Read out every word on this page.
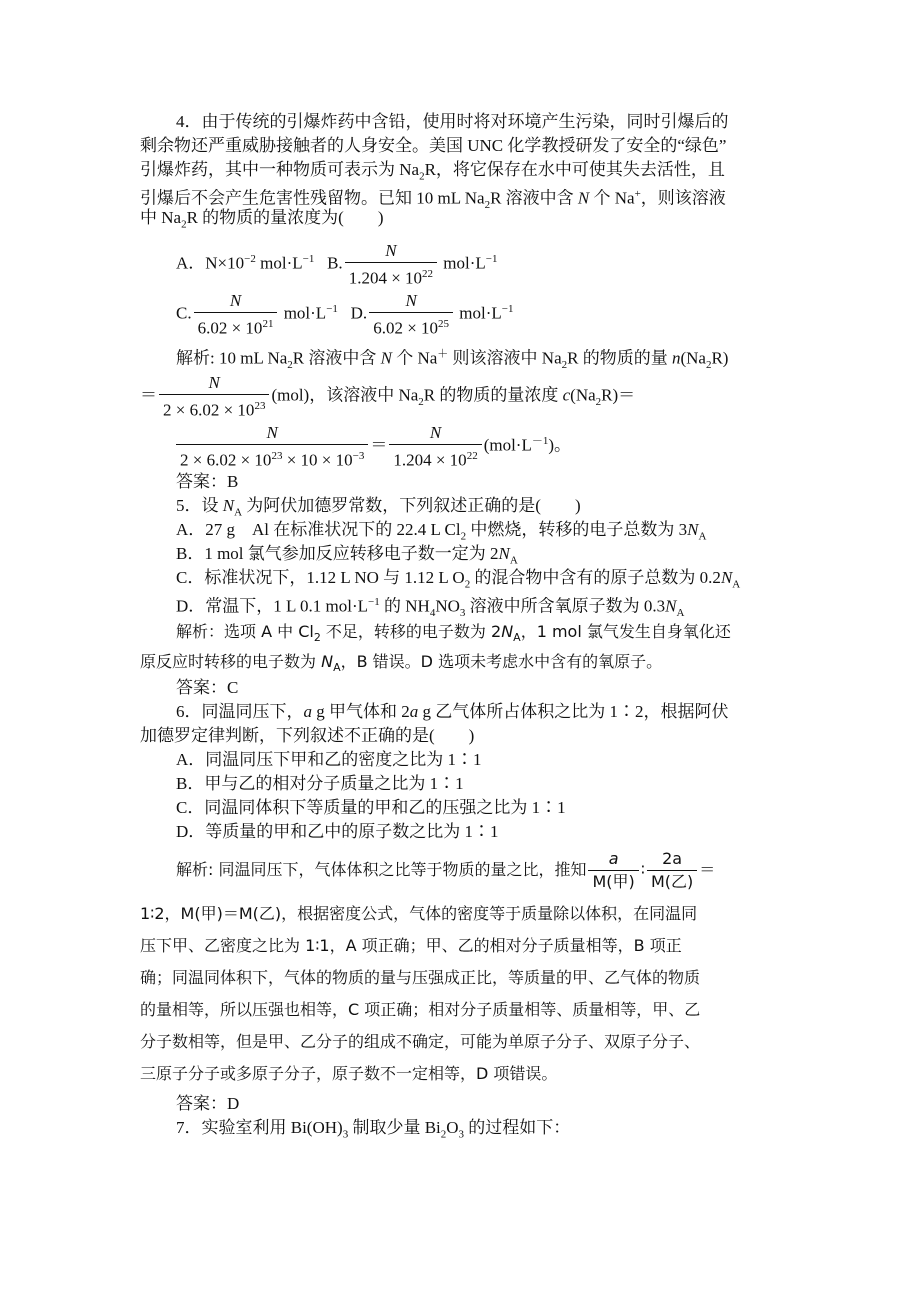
4．由于传统的引爆炸药中含铅，使用时将对环境产生污染，同时引爆后的
剩余物还严重威胁接触者的人身安全。美国 UNC 化学教授研发了安全的“绿色”
引爆炸药，其中一种物质可表示为 $Na_2R$，将它保存在水中可使其失去活性，且
引爆后不会产生危害性残留物。已知 10 mL $Na_2R$ 溶液中含 N 个 Na+，则该溶液
中 $Na_2R$ 的物质的量浓度为(　　)
A．$N\times 10^{-2}$ $mol\cdot L^{-1}$ B. $\frac{N}{1.204 \times 10^{22}} mol\cdot L^{-1}$
C. $\frac{N}{6.02 \times 10^{21}} mol\cdot L^{-1}$ D. $\frac{N}{6.02 \times 10^{25}} mol\cdot L^{-1}$
解析: 10 mL $Na_2R$ 溶液中含 N 个 Na＋ 则该溶液中 $Na_2R$ 的物质的量 $n(Na_2R)$
＝ $\frac{N}{2 \times 6.02 \times 10^{23}} (mol)$，该溶液中 $Na_2R$ 的物质的量浓度 $c(Na_2R)=$
$\frac{N}{2 \times 6.02 \times 10^{23} \times 10 \times 10^{-3}} = \frac{N}{1.204 \times 10^{22}} (mol\cdot L^{-1})$。
答案：B
5．设 $N_A$ 为阿伏加德罗常数，下列叙述正确的是(　　)
A．27 g　Al 在标准状况下的 22.4 L $Cl_2$ 中燃烧，转移的电子总数为 $3N_A$
B．1 mol 氯气参加反应转移电子数一定为 $2N_A$
C．标准状况下，1.12 L NO 与 1.12 L $O_2$ 的混合物中含有的原子总数为 $0.2N_A$
D．常温下，1 L 0.1 $mol\cdot L^{-1}$ 的 $NH_4NO_3$ 溶液中所含氧原子数为 $0.3N_A$
解析：选项 A 中 $Cl_2$ 不足，转移的电子数为 $2N_A$，1 mol 氯气发生自身氧化还
原反应时转移的电子数为 $N_A$，B 错误。D 选项未考虑水中含有的氧原子。
答案：C
6．同温同压下，a g 甲气体和 2a g 乙气体所占体积之比为 1∶2，根据阿伏
加德罗定律判断，下列叙述不正确的是(　　)
A．同温同压下甲和乙的密度之比为 1∶1
B．甲与乙的相对分子质量之比为 1∶1
C．同温同体积下等质量的甲和乙的压强之比为 1∶1
D．等质量的甲和乙中的原子数之比为 1∶1
解析: 同温同压下，气体体积之比等于物质的量之比，推知 $\frac{a}{\text{M(甲)}}$ ∶ $\frac{2a}{\text{M(乙)}}$ ＝
1∶2，M(甲)＝M(乙)，根据密度公式，气体的密度等于质量除以体积，在同温同
压下甲、乙密度之比为 1∶1，A 项正确；甲、乙的相对分子质量相等，B 项正
确；同温同体积下，气体的物质的量与压强成正比，等质量的甲、乙气体的物质
的量相等，所以压强也相等，C 项正确；相对分子质量相等、质量相等，甲、乙
分子数相等，但是甲、乙分子的组成不确定，可能为单原子分子、双原子分子、
三原子分子或多原子分子，原子数不一定相等，D 项错误。
答案：D
7．实验室利用 $Bi(OH)_3$ 制取少量 $Bi_2O_3$ 的过程如下：
